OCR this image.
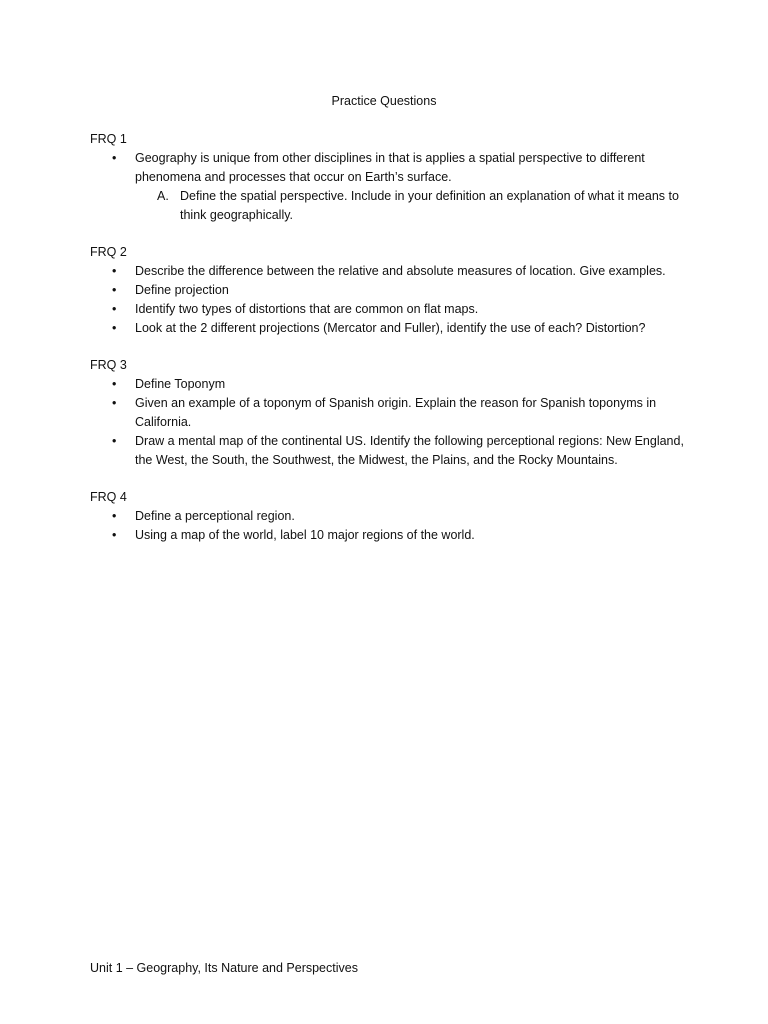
Practice Questions

FRQ 1

• Geography is unique from other disciplines in that is applies a spatial perspective to different phenomena and processes that occur on Earth’s surface.
A. Define the spatial perspective. Include in your definition an explanation of what it means to think geographically.

FRQ 2

• Describe the difference between the relative and absolute measures of location. Give examples.
• Define projection
• Identify two types of distortions that are common on flat maps.
• Look at the 2 different projections (Mercator and Fuller), identify the use of each? Distortion?

FRQ 3

• Define Toponym
• Given an example of a toponym of Spanish origin. Explain the reason for Spanish toponyms in California.
• Draw a mental map of the continental US. Identify the following perceptional regions: New England, the West, the South, the Southwest, the Midwest, the Plains, and the Rocky Mountains.

FRQ 4

• Define a perceptional region.
• Using a map of the world, label 10 major regions of the world.
Unit 1 – Geography, Its Nature and Perspectives
